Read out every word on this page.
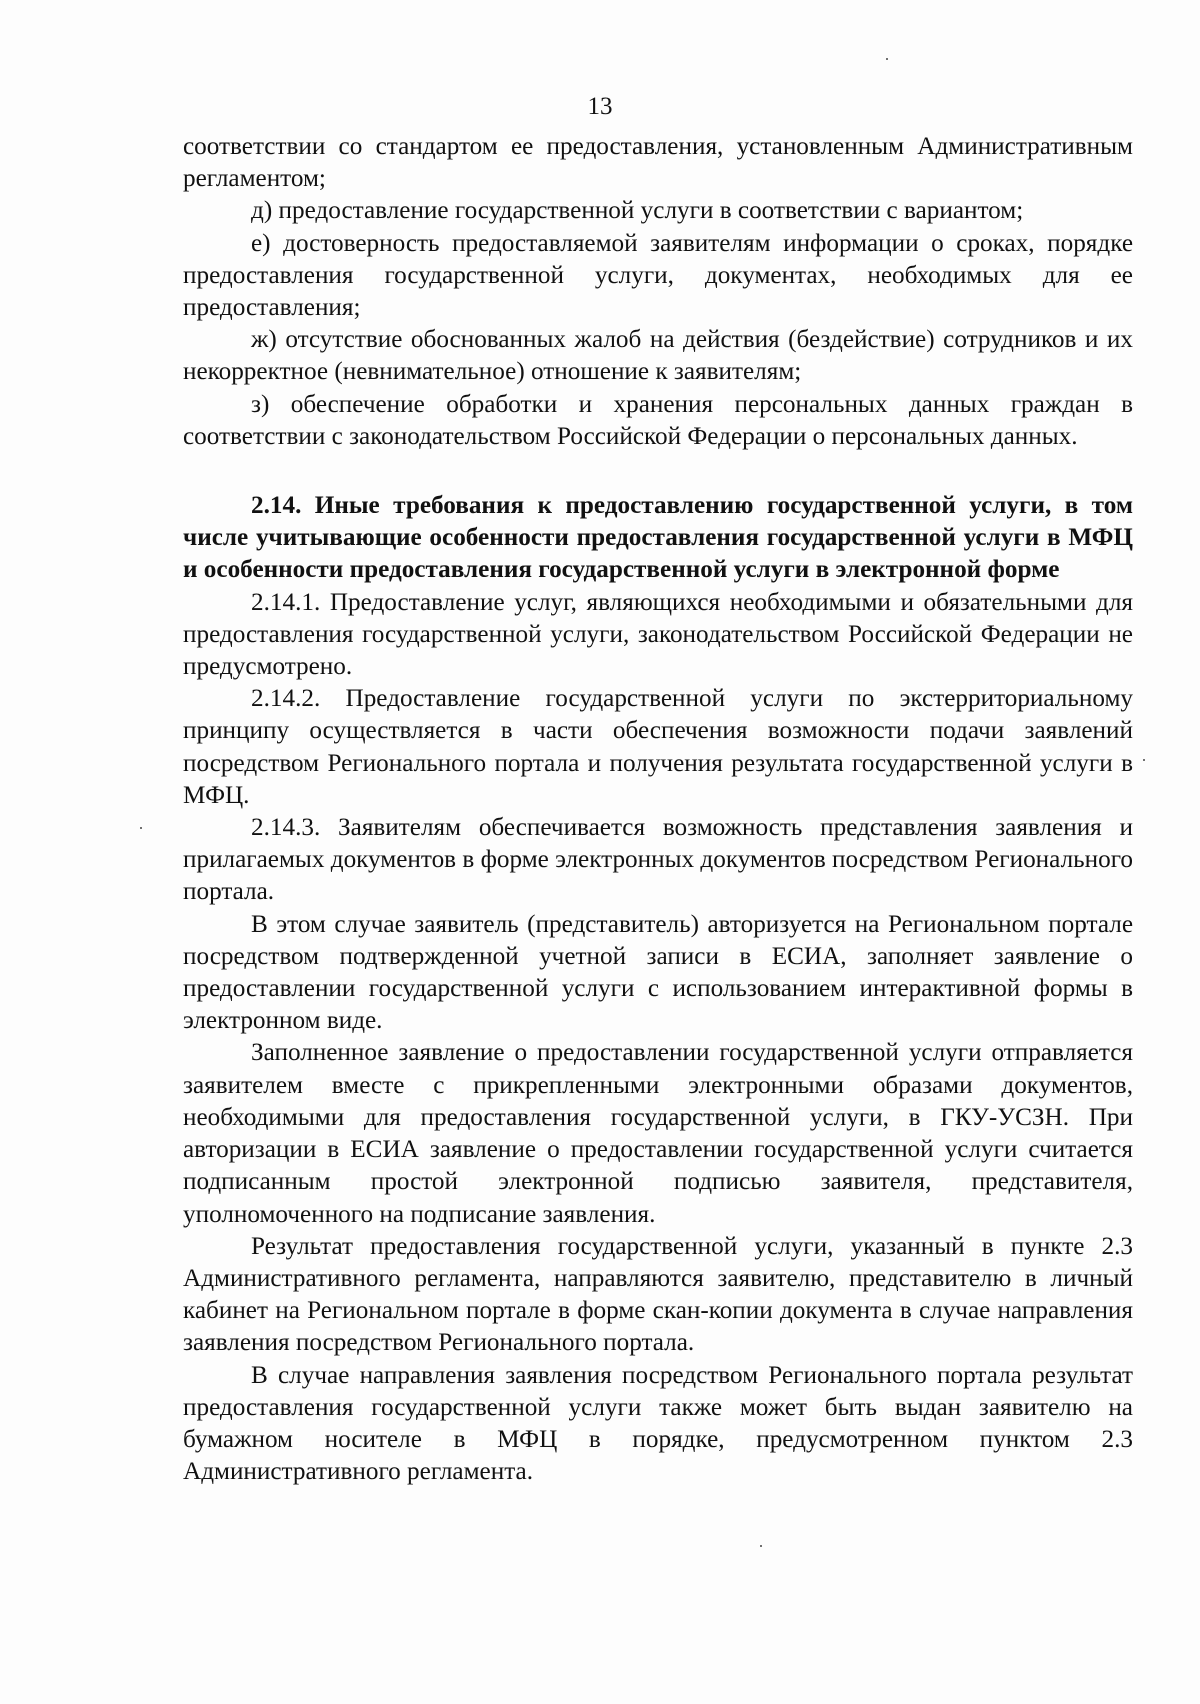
13

соответствии со стандартом ее предоставления, установленным Административным регламентом;

д) предоставление государственной услуги в соответствии с вариантом;

е) достоверность предоставляемой заявителям информации о сроках, порядке предоставления государственной услуги, документах, необходимых для ее предоставления;

ж) отсутствие обоснованных жалоб на действия (бездействие) сотрудников и их некорректное (невнимательное) отношение к заявителям;

з) обеспечение обработки и хранения персональных данных граждан в соответствии с законодательством Российской Федерации о персональных данных.

2.14. Иные требования к предоставлению государственной услуги, в том числе учитывающие особенности предоставления государственной услуги в МФЦ и особенности предоставления государственной услуги в электронной форме

2.14.1. Предоставление услуг, являющихся необходимыми и обязательными для предоставления государственной услуги, законодательством Российской Федерации не предусмотрено.

2.14.2. Предоставление государственной услуги по экстерриториальному принципу осуществляется в части обеспечения возможности подачи заявлений посредством Регионального портала и получения результата государственной услуги в МФЦ.

2.14.3. Заявителям обеспечивается возможность представления заявления и прилагаемых документов в форме электронных документов посредством Регионального портала.

В этом случае заявитель (представитель) авторизуется на Региональном портале посредством подтвержденной учетной записи в ЕСИА, заполняет заявление о предоставлении государственной услуги с использованием интерактивной формы в электронном виде.

Заполненное заявление о предоставлении государственной услуги отправляется заявителем вместе с прикрепленными электронными образами документов, необходимыми для предоставления государственной услуги, в ГКУ-УСЗН. При авторизации в ЕСИА заявление о предоставлении государственной услуги считается подписанным простой электронной подписью заявителя, представителя, уполномоченного на подписание заявления.

Результат предоставления государственной услуги, указанный в пункте 2.3 Административного регламента, направляются заявителю, представителю в личный кабинет на Региональном портале в форме скан-копии документа в случае направления заявления посредством Регионального портала.

В случае направления заявления посредством Регионального портала результат предоставления государственной услуги также может быть выдан заявителю на бумажном носителе в МФЦ в порядке, предусмотренном пунктом 2.3 Административного регламента.
